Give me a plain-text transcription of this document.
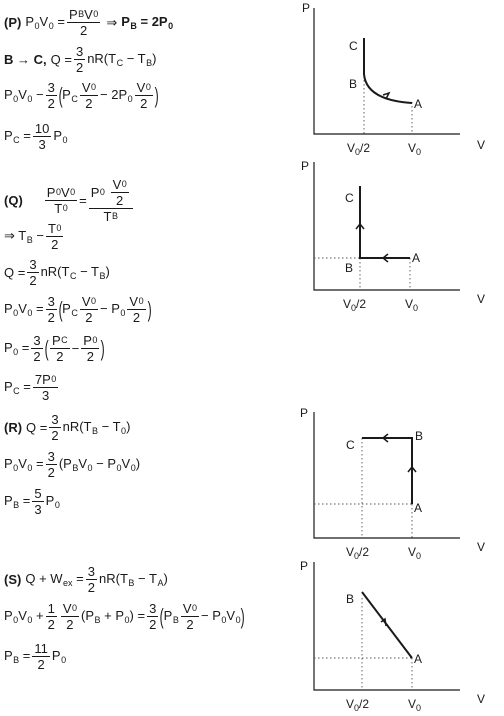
(P) $P_0V_0 = P$ B V 0
2
⇒ $P_B = 2P_0$
B → C, $Q = \frac{3}{2} nR(T_C - T_B)$
$P_0V_0 - \frac{3}{2}$ ( $P_C$
V 0
2
− $2P_0$
V 0
2 )
$P_C = \frac{10}{3} P_0$
$(Q) \frac{P 0 V 0}{T 0} = P$ 0
V 0
2
T B
⇒ $T_B - \frac{T 0}{2}$
$Q = \frac{3}{2} nR(T_C - T_B)$
$P_0V_0 = \frac{3}{2}$ ( $P_C$
V 0
2
− $P_0$
V 0
2 )
$P_0 = \frac{3}{2}$ ( P C
2
− $\frac{P 0}{2}$ )
$P_C = \frac{7P 0}{3}$
(R) $Q = \frac{3}{2} nR(T_B - T_0)$
$P_0V_0 = \frac{3}{2} (P_BV_0 - P_0V_0)$
$P_B = \frac{5}{3} P_0$
(S) $Q + W_{ex} = \frac{3}{2} nR(T_B - T_A)$
$P_0V_0 + \frac{1}{2}$ V 0
2
$(P_B + P_0) = \frac{3}{2}$ ( $P_B$
V 0
2
− $P_0V_0$ )
$P_B = \frac{11}{2} P_0$
P
V
C
B
A
$V_0/2$	$V_0$
P
V
C
B
A
$V_0/2$	$V_0$
P
V
C
B
A
$V_0/2$	$V_0$
P
V
B
A
$V_0/2$	$V_0$
